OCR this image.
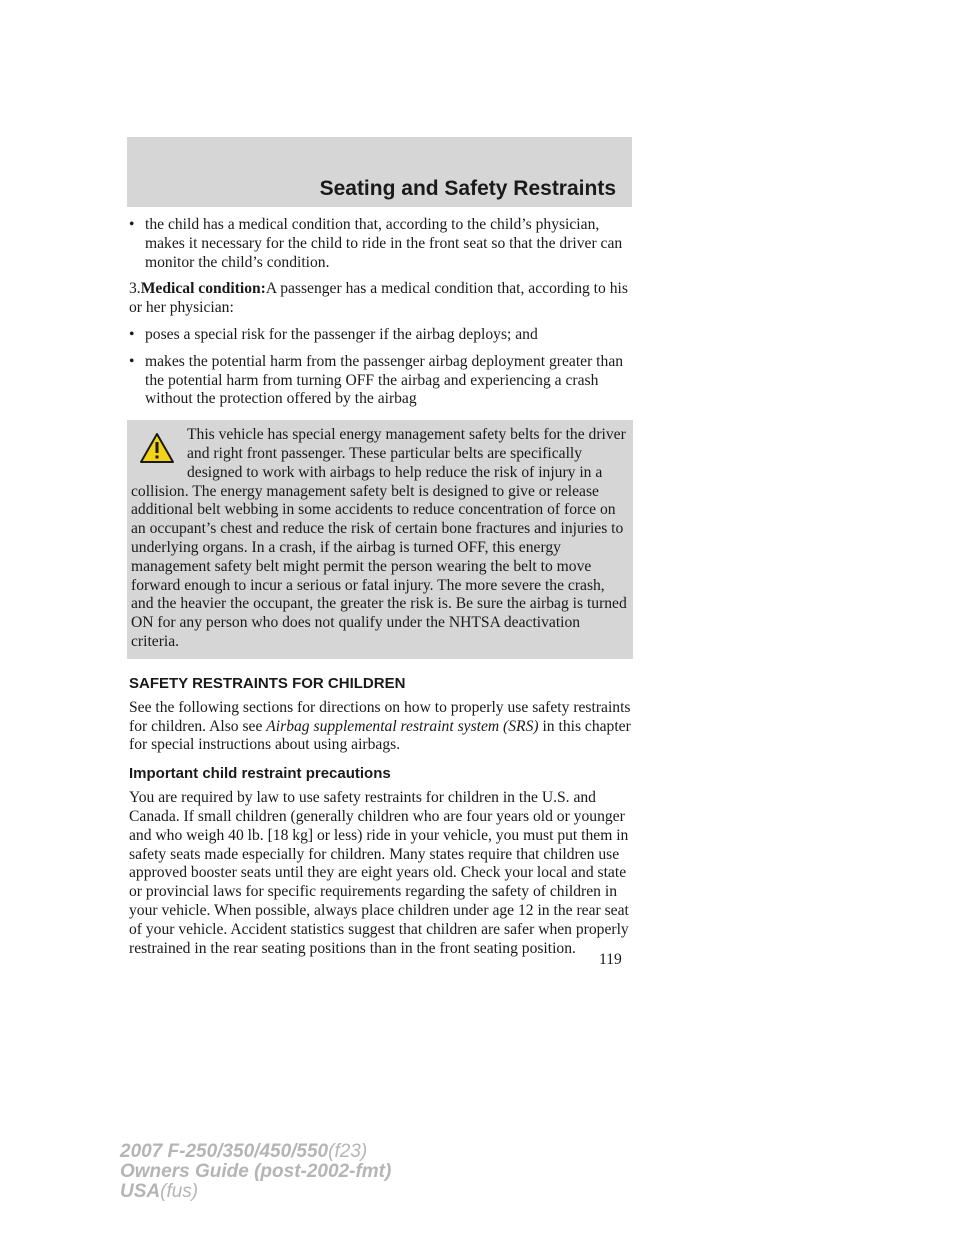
Seating and Safety Restraints
• the child has a medical condition that, according to the child’s physician, makes it necessary for the child to ride in the front seat so that the driver can monitor the child’s condition.

3.Medical condition:A passenger has a medical condition that, according to his or her physician:

• poses a special risk for the passenger if the airbag deploys; and
• makes the potential harm from the passenger airbag deployment greater than the potential harm from turning OFF the airbag and experiencing a crash without the protection offered by the airbag
This vehicle has special energy management safety belts for the driver and right front passenger. These particular belts are specifically designed to work with airbags to help reduce the risk of injury in a collision. The energy management safety belt is designed to give or release additional belt webbing in some accidents to reduce concentration of force on an occupant’s chest and reduce the risk of certain bone fractures and injuries to underlying organs. In a crash, if the airbag is turned OFF, this energy management safety belt might permit the person wearing the belt to move forward enough to incur a serious or fatal injury. The more severe the crash, and the heavier the occupant, the greater the risk is. Be sure the airbag is turned ON for any person who does not qualify under the NHTSA deactivation criteria.
SAFETY RESTRAINTS FOR CHILDREN

See the following sections for directions on how to properly use safety restraints for children. Also see Airbag supplemental restraint system (SRS) in this chapter for special instructions about using airbags.

Important child restraint precautions

You are required by law to use safety restraints for children in the U.S. and Canada. If small children (generally children who are four years old or younger and who weigh 40 lb. [18 kg] or less) ride in your vehicle, you must put them in safety seats made especially for children. Many states require that children use approved booster seats until they are eight years old. Check your local and state or provincial laws for specific requirements regarding the safety of children in your vehicle. When possible, always place children under age 12 in the rear seat of your vehicle. Accident statistics suggest that children are safer when properly restrained in the rear seating positions than in the front seating position.

119
2007 F-250/350/450/550(f23)
Owners Guide (post-2002-fmt)
USA(fus)
